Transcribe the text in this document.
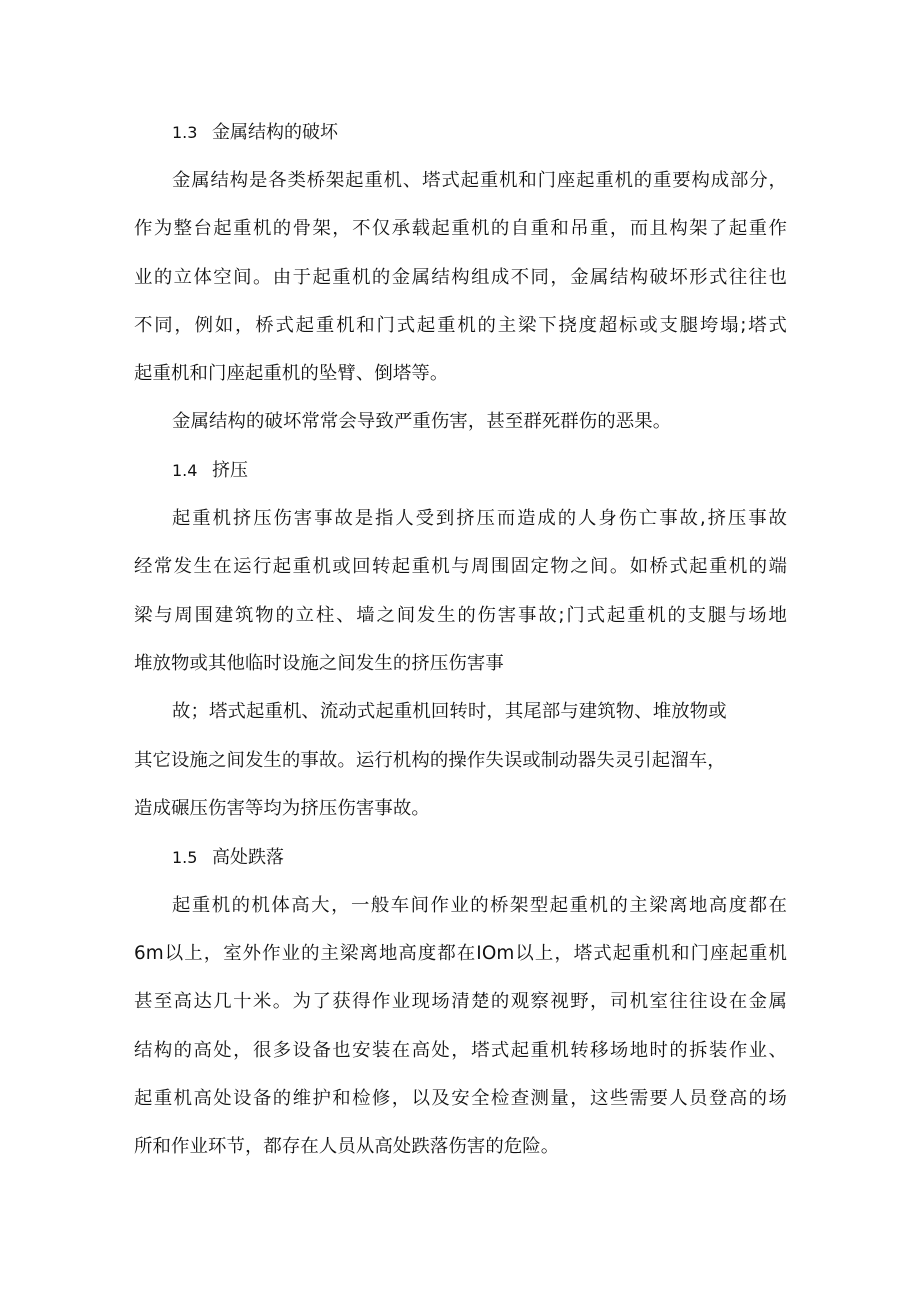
1.3 金属结构的破坏
金属结构是各类桥架起重机、塔式起重机和门座起重机的重要构成部分，
作为整台起重机的骨架，不仅承载起重机的自重和吊重，而且构架了起重作
业的立体空间。由于起重机的金属结构组成不同，金属结构破坏形式往往也
不同，例如，桥式起重机和门式起重机的主梁下挠度超标或支腿垮塌;塔式
起重机和门座起重机的坠臂、倒塔等。
金属结构的破坏常常会导致严重伤害，甚至群死群伤的恶果。
1.4 挤压
起重机挤压伤害事故是指人受到挤压而造成的人身伤亡事故,挤压事故
经常发生在运行起重机或回转起重机与周围固定物之间。如桥式起重机的端
梁与周围建筑物的立柱、墙之间发生的伤害事故;门式起重机的支腿与场地
堆放物或其他临时设施之间发生的挤压伤害事
故；塔式起重机、流动式起重机回转时，其尾部与建筑物、堆放物或
其它设施之间发生的事故。运行机构的操作失误或制动器失灵引起溜车，
造成碾压伤害等均为挤压伤害事故。
1.5 高处跌落
起重机的机体高大，一般车间作业的桥架型起重机的主梁离地高度都在
6m以上，室外作业的主梁离地高度都在IOm以上，塔式起重机和门座起重机
甚至高达几十米。为了获得作业现场清楚的观察视野，司机室往往设在金属
结构的高处，很多设备也安装在高处，塔式起重机转移场地时的拆装作业、
起重机高处设备的维护和检修，以及安全检查测量，这些需要人员登高的场
所和作业环节，都存在人员从高处跌落伤害的危险。
